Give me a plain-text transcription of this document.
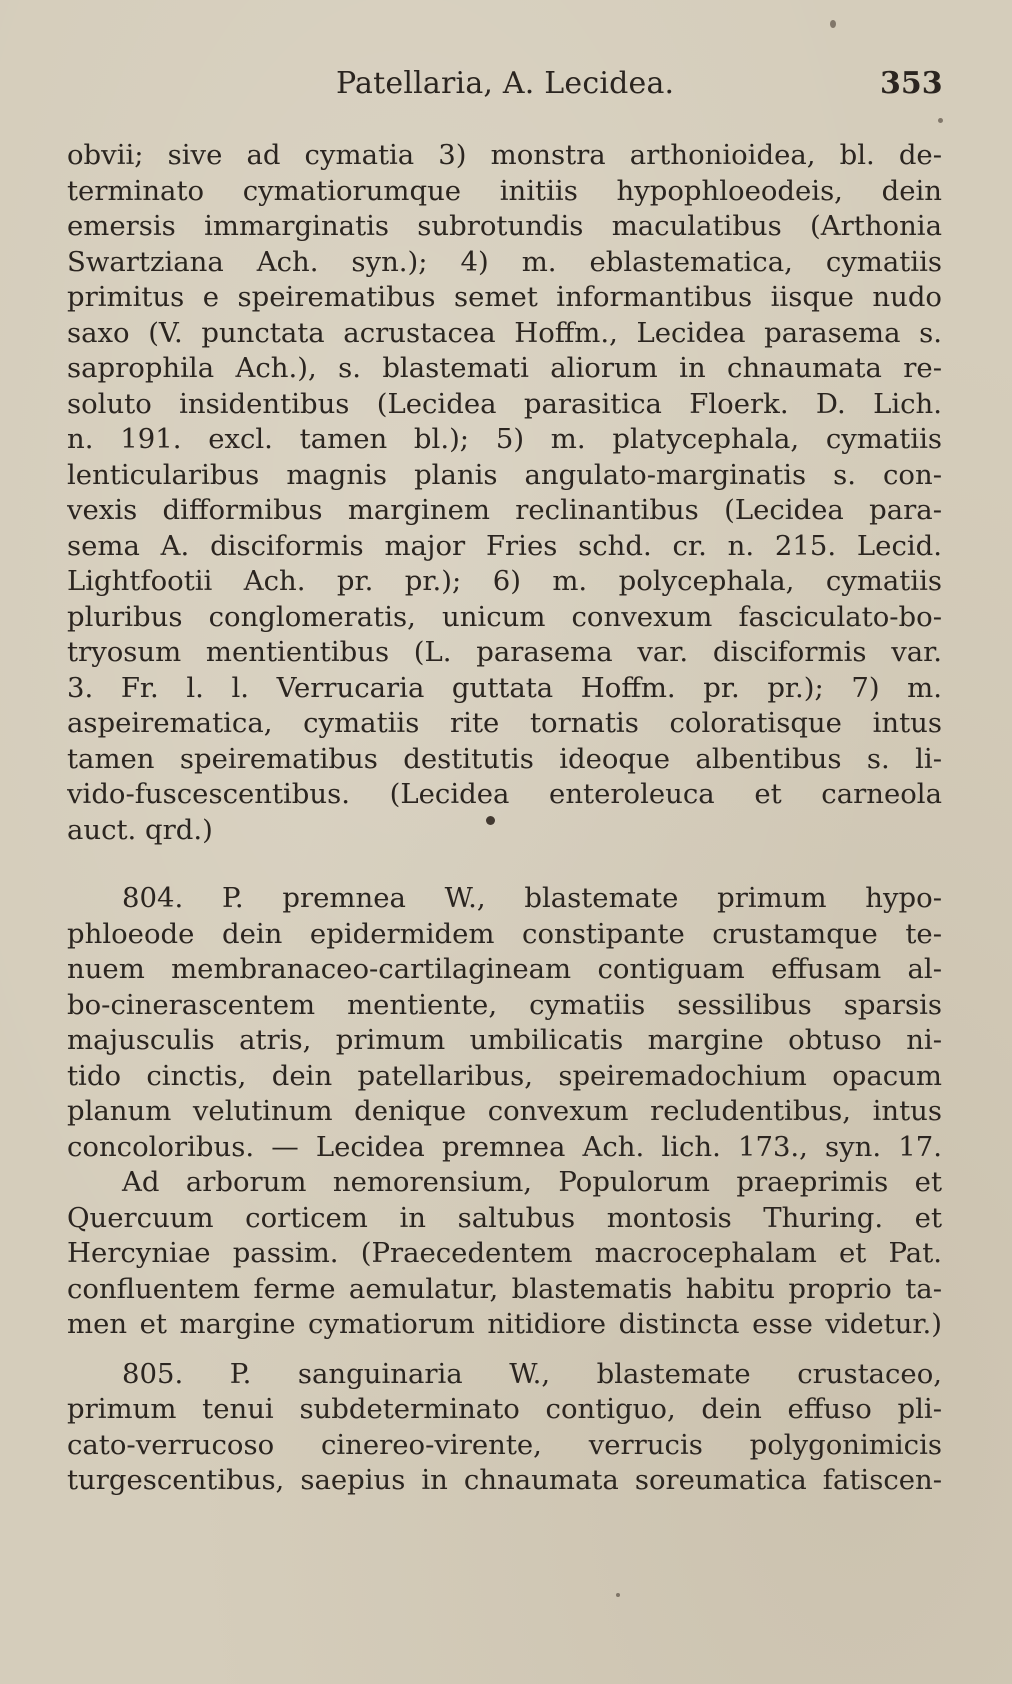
Patellaria, A. Lecidea.	353
obvii; sive ad cymatia 3) monstra arthonioidea, bl. de-
terminato cymatiorumque initiis hypophloeodeis, dein
emersis immarginatis subrotundis maculatibus (Arthonia
Swartziana Ach. syn.); 4) m. eblastematica, cymatiis
primitus e speirematibus semet informantibus iisque nudo
saxo (V. punctata acrustacea Hoffm., Lecidea parasema s.
saprophila Ach.), s. blastemati aliorum in chnaumata re-
soluto insidentibus (Lecidea parasitica Floerk. D. Lich.
n. 191. excl. tamen bl.); 5) m. platycephala, cymatiis
lenticularibus magnis planis angulato-marginatis s. con-
vexis difformibus marginem reclinantibus (Lecidea para-
sema A. disciformis major Fries schd. cr. n. 215. Lecid.
Lightfootii Ach. pr. pr.); 6) m. polycephala, cymatiis
pluribus conglomeratis, unicum convexum fasciculato-bo-
tryosum mentientibus (L. parasema var. disciformis var.
3. Fr. l. l. Verrucaria guttata Hoffm. pr. pr.); 7) m.
aspeirematica, cymatiis rite tornatis coloratisque intus
tamen speirematibus destitutis ideoque albentibus s. li-
vido-fuscescentibus. (Lecidea enteroleuca et carneola
auct. qrd.)
804. P. premnea W., blastemate primum hypo-
phloeode dein epidermidem constipante crustamque te-
nuem membranaceo-cartilagineam contiguam effusam al-
bo-cinerascentem mentiente, cymatiis sessilibus sparsis
majusculis atris, primum umbilicatis margine obtuso ni-
tido cinctis, dein patellaribus, speiremadochium opacum
planum velutinum denique convexum recludentibus, intus
concoloribus. — Lecidea premnea Ach. lich. 173., syn. 17.
Ad arborum nemorensium, Populorum praeprimis et
Quercuum corticem in saltubus montosis Thuring. et
Hercyniae passim. (Praecedentem macrocephalam et Pat.
confluentem ferme aemulatur, blastematis habitu proprio ta-
men et margine cymatiorum nitidiore distincta esse videtur.)
805. P. sanguinaria W., blastemate crustaceo,
primum tenui subdeterminato contiguo, dein effuso pli-
cato-verrucoso cinereo-virente, verrucis polygonimicis
turgescentibus, saepius in chnaumata soreumatica fatiscen-
